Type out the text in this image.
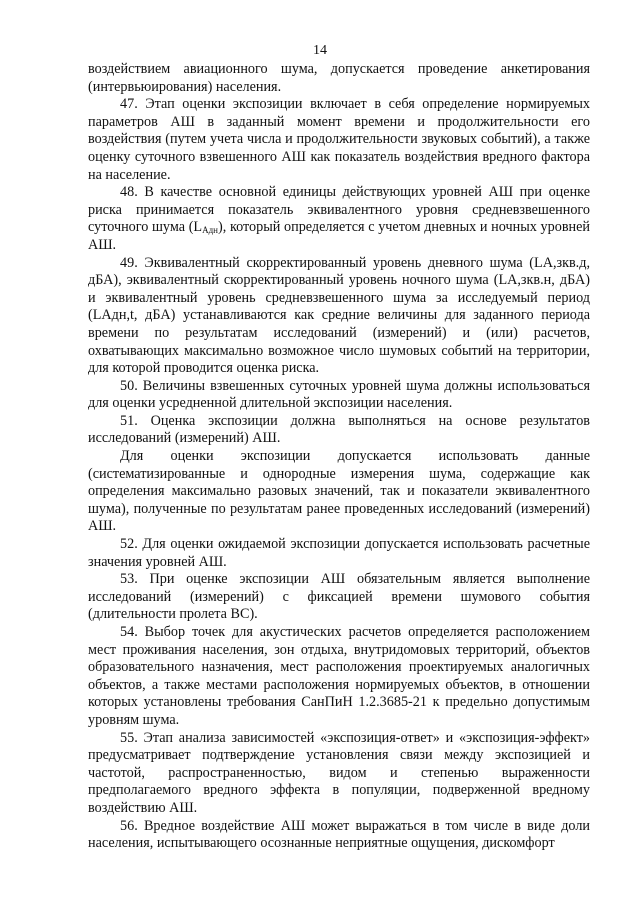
14

воздействием авиационного шума, допускается проведение анкетирования (интервьюирования) населения.

47. Этап оценки экспозиции включает в себя определение нормируемых параметров АШ в заданный момент времени и продолжительности его воздействия (путем учета числа и продолжительности звуковых событий), а также оценку суточного взвешенного АШ как показатель воздействия вредного фактора на население.

48. В качестве основной единицы действующих уровней АШ при оценке риска принимается показатель эквивалентного уровня средневзвешенного суточного шума $(L_{Aдн})$, который определяется с учетом дневных и ночных уровней АШ.

49. Эквивалентный скорректированный уровень дневного шума (LA,зкв.д, дБА), эквивалентный скорректированный уровень ночного шума (LA,зкв.н, дБА) и эквивалентный уровень средневзвешенного шума за исследуемый период (LAдн,t, дБА) устанавливаются как средние величины для заданного периода времени по результатам исследований (измерений) и (или) расчетов, охватывающих максимально возможное число шумовых событий на территории, для которой проводится оценка риска.

50. Величины взвешенных суточных уровней шума должны использоваться для оценки усредненной длительной экспозиции населения.

51. Оценка экспозиции должна выполняться на основе результатов исследований (измерений) АШ.

Для оценки экспозиции допускается использовать данные (систематизированные и однородные измерения шума, содержащие как определения максимально разовых значений, так и показатели эквивалентного шума), полученные по результатам ранее проведенных исследований (измерений) АШ.

52. Для оценки ожидаемой экспозиции допускается использовать расчетные значения уровней АШ.

53. При оценке экспозиции АШ обязательным является выполнение исследований (измерений) с фиксацией времени шумового события (длительности пролета ВС).

54. Выбор точек для акустических расчетов определяется расположением мест проживания населения, зон отдыха, внутридомовых территорий, объектов образовательного назначения, мест расположения проектируемых аналогичных объектов, а также местами расположения нормируемых объектов, в отношении которых установлены требования СанПиН 1.2.3685-21 к предельно допустимым уровням шума.

55. Этап анализа зависимостей «экспозиция-ответ» и «экспозиция-эффект» предусматривает подтверждение установления связи между экспозицией и частотой, распространенностью, видом и степенью выраженности предполагаемого вредного эффекта в популяции, подверженной вредному воздействию АШ.

56. Вредное воздействие АШ может выражаться в том числе в виде доли населения, испытывающего осознанные неприятные ощущения, дискомфорт
